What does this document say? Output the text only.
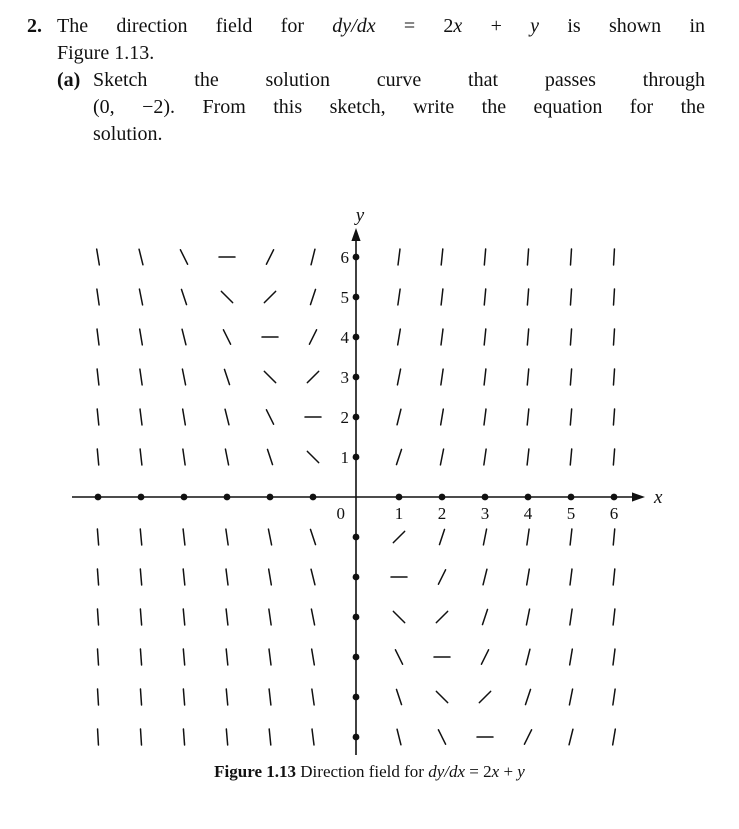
2. The direction field for dy/dx = 2x + y is shown in
Figure 1.13.
(a) Sketch the solution curve that passes through
(0, −2). From this sketch, write the equation for the
solution.
x
y
1 2 3 4 5 6
1
2
3
4
5
6
0
Figure 1.13 Direction field for dy/dx = 2x + y
